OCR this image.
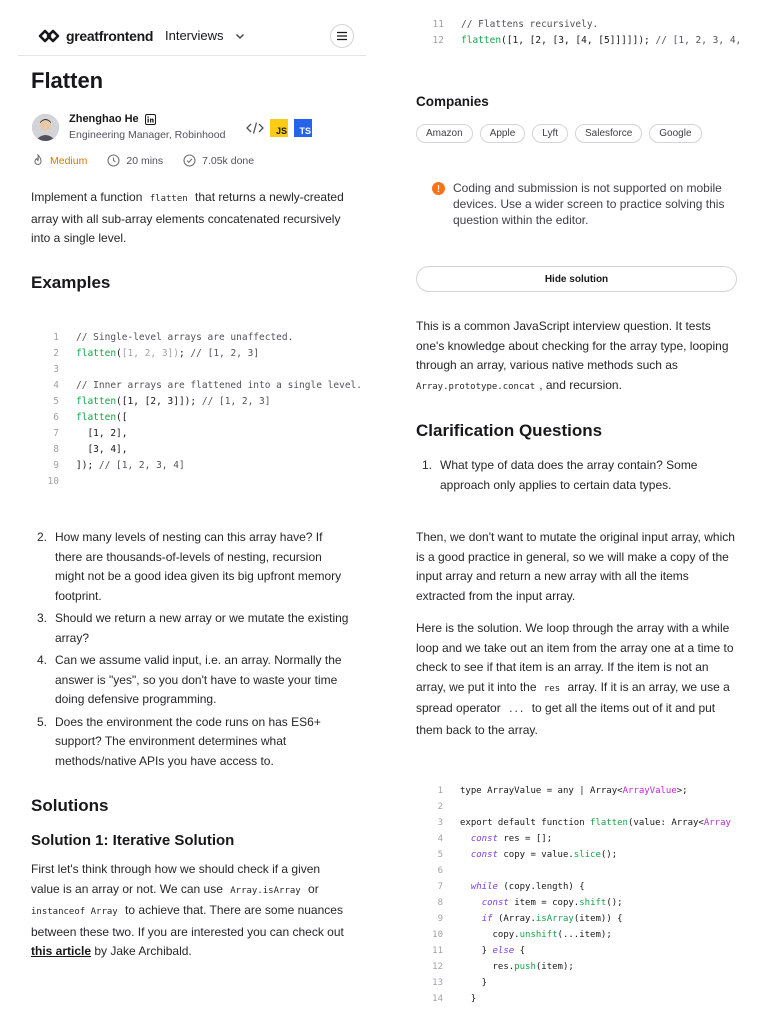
greatfrontend Interviews
Flatten
Zhenghao He
Engineering Manager, Robinhood	JS	TS
Medium	20 mins	7.05k done

Implement a function flatten that returns a newly-created array with all sub-array elements concatenated recursively into a single level.

Examples
1 // Single-level arrays are unaffected.
2 flatten([1, 2, 3]); // [1, 2, 3]
3
4 // Inner arrays are flattened into a single level.
5 flatten([1, [2, 3]]); // [1, 2, 3]
6 flatten([
7 [1, 2],
8 [3, 4],
9 ]); // [1, 2, 3, 4]
10
2. How many levels of nesting can this array have? If there are thousands-of-levels of nesting, recursion might not be a good idea given its big upfront memory footprint.
3. Should we return a new array or we mutate the existing array?
4. Can we assume valid input, i.e. an array. Normally the answer is "yes", so you don't have to waste your time doing defensive programming.
5. Does the environment the code runs on has ES6+ support? The environment determines what methods/native APIs you have access to.
Solutions
Solution 1: Iterative Solution

First let's think through how we should check if a given value is an array or not. We can use Array.isArray or instanceof Array to achieve that. There are some nuances between these two. If you are interested you can check out this article by Jake Archibald.

11 // Flattens recursively.
12 flatten([1, [2, [3, [4, [5]]]]]); // [1, 2, 3, 4,
Companies
Amazon	Apple	Lyft	Salesforce	Google
Coding and submission is not supported on mobile devices. Use a wider screen to practice solving this question within the editor.
Hide solution

This is a common JavaScript interview question. It tests one's knowledge about checking for the array type, looping through an array, various native methods such as Array.prototype.concat , and recursion.

Clarification Questions
1. What type of data does the array contain? Some approach only applies to certain data types.

Then, we don't want to mutate the original input array, which is a good practice in general, so we will make a copy of the input array and return a new array with all the items extracted from the input array.

Here is the solution. We loop through the array with a while loop and we take out an item from the array one at a time to check to see if that item is an array. If the item is not an array, we put it into the res array. If it is an array, we use a spread operator ... to get all the items out of it and put them back to the array.

1 type ArrayValue = any | Array<ArrayValue>;
2
3 export default function flatten(value: Array<Array
4	const res = [];
5	const copy = value.slice();
6
7	while (copy.length) {
8	const item = copy.shift();
9	if (Array.isArray(item)) {
10 copy.unshift(...item);
11 } else {
12 res.push(item);
13 }
14 }
